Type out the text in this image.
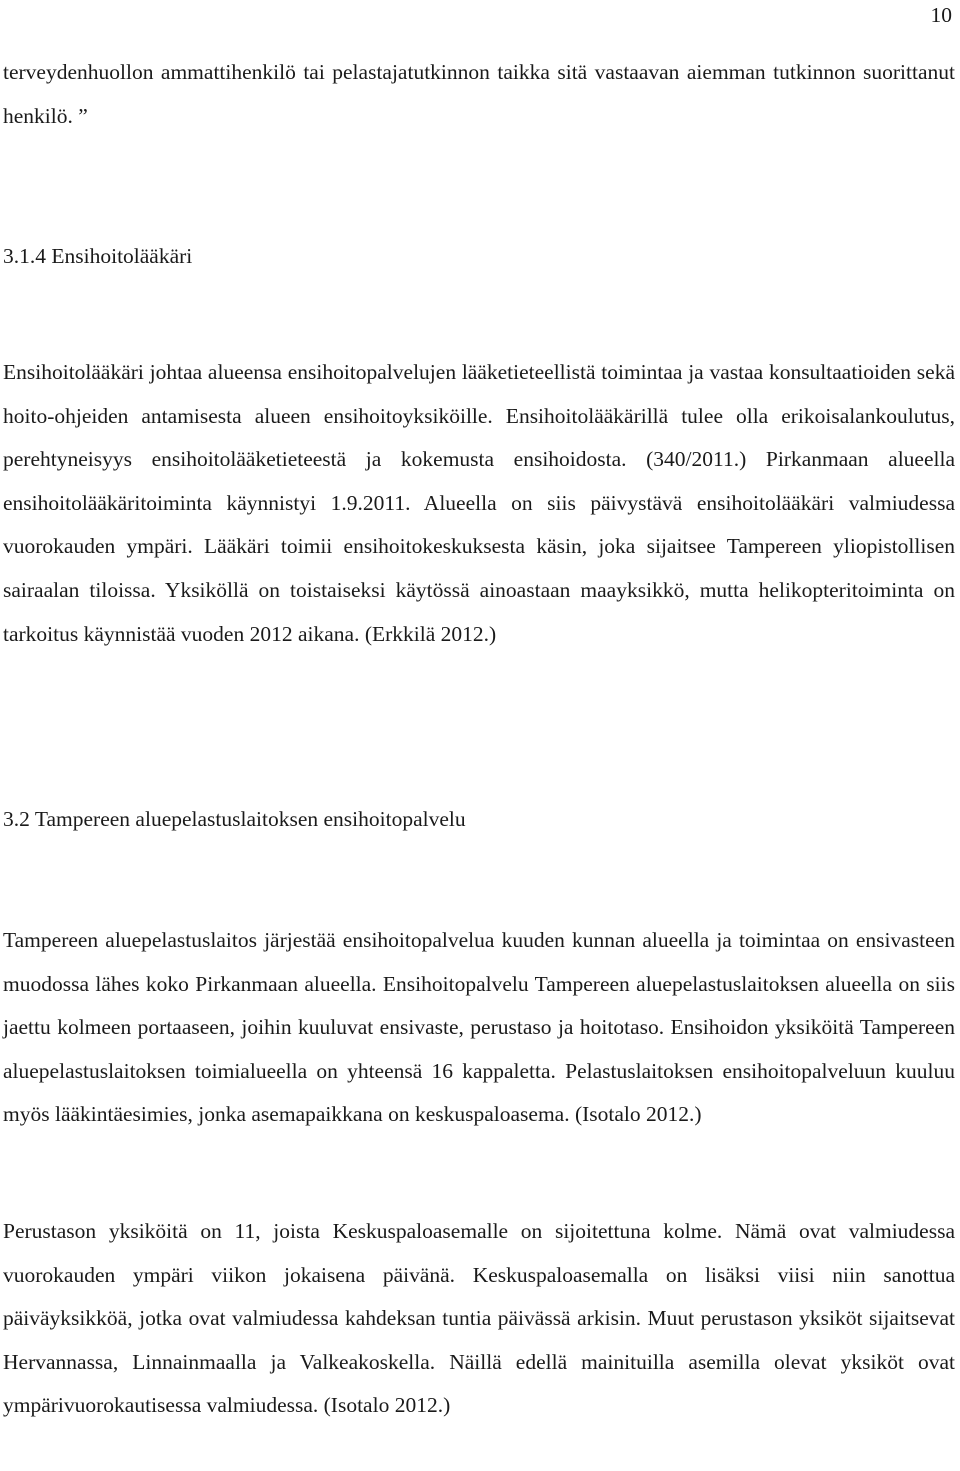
10

terveydenhuollon ammattihenkilö tai pelastajatutkinnon taikka sitä vastaavan aiemman tutkinnon suorittanut henkilö. ”

3.1.4 Ensihoitolääkäri

Ensihoitolääkäri johtaa alueensa ensihoitopalvelujen lääketieteellistä toimintaa ja vastaa konsultaatioiden sekä hoito-ohjeiden antamisesta alueen ensihoitoyksiköille. Ensihoitolääkärillä tulee olla erikoisalankoulutus, perehtyneisyys ensihoitolääketieteestä ja kokemusta ensihoidosta. (340/2011.) Pirkanmaan alueella ensihoitolääkäritoiminta käynnistyi 1.9.2011. Alueella on siis päivystävä ensihoitolääkäri valmiudessa vuorokauden ympäri. Lääkäri toimii ensihoitokeskuksesta käsin, joka sijaitsee Tampereen yliopistollisen sairaalan tiloissa. Yksiköllä on toistaiseksi käytössä ainoastaan maayksikkö, mutta helikopteritoiminta on tarkoitus käynnistää vuoden 2012 aikana. (Erkkilä 2012.)

3.2 Tampereen aluepelastuslaitoksen ensihoitopalvelu

Tampereen aluepelastuslaitos järjestää ensihoitopalvelua kuuden kunnan alueella ja toimintaa on ensivasteen muodossa lähes koko Pirkanmaan alueella. Ensihoitopalvelu Tampereen aluepelastuslaitoksen alueella on siis jaettu kolmeen portaaseen, joihin kuuluvat ensivaste, perustaso ja hoitotaso. Ensihoidon yksiköitä Tampereen aluepelastuslaitoksen toimialueella on yhteensä 16 kappaletta. Pelastuslaitoksen ensihoitopalveluun kuuluu myös lääkintäesimies, jonka asemapaikkana on keskuspaloasema. (Isotalo 2012.)

Perustason yksiköitä on 11, joista Keskuspaloasemalle on sijoitettuna kolme. Nämä ovat valmiudessa vuorokauden ympäri viikon jokaisena päivänä. Keskuspaloasemalla on lisäksi viisi niin sanottua päiväyksikköä, jotka ovat valmiudessa kahdeksan tuntia päivässä arkisin. Muut perustason yksiköt sijaitsevat Hervannassa, Linnainmaalla ja Valkeakoskella. Näillä edellä mainituilla asemilla olevat yksiköt ovat ympärivuorokautisessa valmiudessa. (Isotalo 2012.)
